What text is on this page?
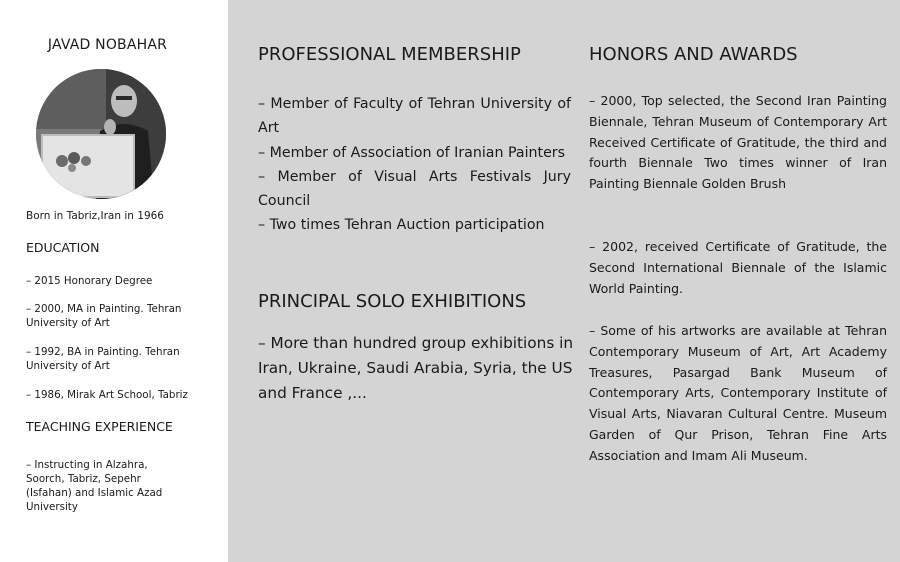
JAVAD NOBAHAR
Born in Tabriz,Iran in 1966
EDUCATION
– 2015 Honorary Degree
– 2000, MA in Painting. Tehran University of Art
– 1992, BA in Painting. Tehran University of Art
– 1986, Mirak Art School, Tabriz
TEACHING EXPERIENCE
– Instructing in Alzahra, Soorch, Tabriz, Sepehr (Isfahan) and Islamic Azad University
PROFESSIONAL MEMBERSHIP

– Member of Faculty of Tehran University of Art

– Member of Association of Iranian Painters

– Member of Visual Arts Festivals Jury Council

– Two times Tehran Auction participation

PRINCIPAL SOLO EXHIBITIONS
– More than hundred group exhibitions in Iran, Ukraine, Saudi Arabia, Syria, the US and France ,...
HONORS AND AWARDS
– 2000, Top selected, the Second Iran Painting Biennale, Tehran Museum of Contemporary Art Received Certificate of Gratitude, the third and fourth Biennale Two times winner of Iran Painting Biennale Golden Brush
– 2002, received Certificate of Gratitude, the Second International Biennale of the Islamic World Painting.
– Some of his artworks are available at Tehran Contemporary Museum of Art, Art Academy Treasures, Pasargad Bank Museum of Contemporary Arts, Contemporary Institute of Visual Arts, Niavaran Cultural Centre. Museum Garden of Qur Prison, Tehran Fine Arts Association and Imam Ali Museum.
